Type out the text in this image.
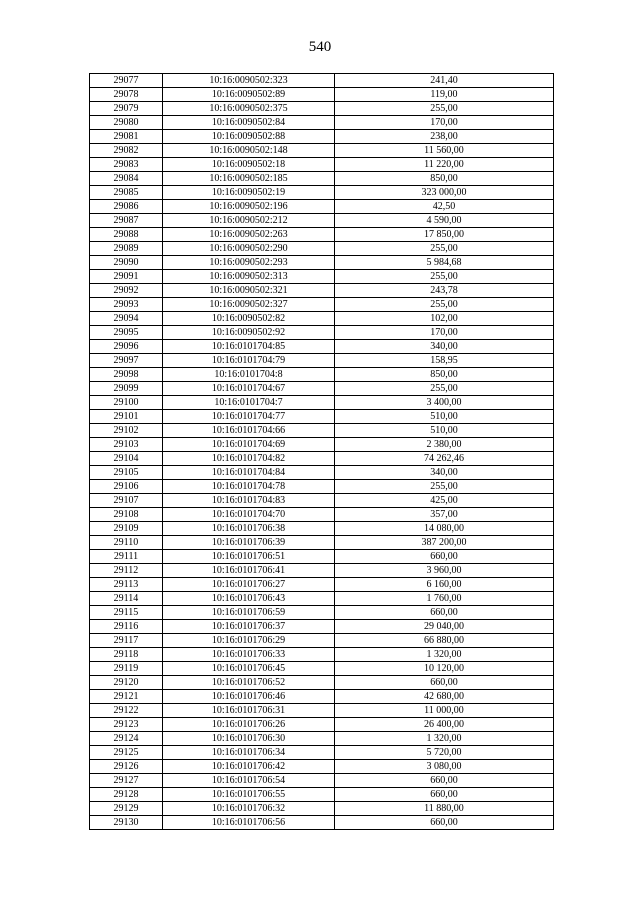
540
29077	10:16:0090502:323	241,40
29078	10:16:0090502:89	119,00
29079	10:16:0090502:375	255,00
29080	10:16:0090502:84	170,00
29081	10:16:0090502:88	238,00
29082	10:16:0090502:148	11 560,00
29083	10:16:0090502:18	11 220,00
29084	10:16:0090502:185	850,00
29085	10:16:0090502:19	323 000,00
29086	10:16:0090502:196	42,50
29087	10:16:0090502:212	4 590,00
29088	10:16:0090502:263	17 850,00
29089	10:16:0090502:290	255,00
29090	10:16:0090502:293	5 984,68
29091	10:16:0090502:313	255,00
29092	10:16:0090502:321	243,78
29093	10:16:0090502:327	255,00
29094	10:16:0090502:82	102,00
29095	10:16:0090502:92	170,00
29096	10:16:0101704:85	340,00
29097	10:16:0101704:79	158,95
29098	10:16:0101704:8	850,00
29099	10:16:0101704:67	255,00
29100	10:16:0101704:7	3 400,00
29101	10:16:0101704:77	510,00
29102	10:16:0101704:66	510,00
29103	10:16:0101704:69	2 380,00
29104	10:16:0101704:82	74 262,46
29105	10:16:0101704:84	340,00
29106	10:16:0101704:78	255,00
29107	10:16:0101704:83	425,00
29108	10:16:0101704:70	357,00
29109	10:16:0101706:38	14 080,00
29110	10:16:0101706:39	387 200,00
29111	10:16:0101706:51	660,00
29112	10:16:0101706:41	3 960,00
29113	10:16:0101706:27	6 160,00
29114	10:16:0101706:43	1 760,00
29115	10:16:0101706:59	660,00
29116	10:16:0101706:37	29 040,00
29117	10:16:0101706:29	66 880,00
29118	10:16:0101706:33	1 320,00
29119	10:16:0101706:45	10 120,00
29120	10:16:0101706:52	660,00
29121	10:16:0101706:46	42 680,00
29122	10:16:0101706:31	11 000,00
29123	10:16:0101706:26	26 400,00
29124	10:16:0101706:30	1 320,00
29125	10:16:0101706:34	5 720,00
29126	10:16:0101706:42	3 080,00
29127	10:16:0101706:54	660,00
29128	10:16:0101706:55	660,00
29129	10:16:0101706:32	11 880,00
29130	10:16:0101706:56	660,00
